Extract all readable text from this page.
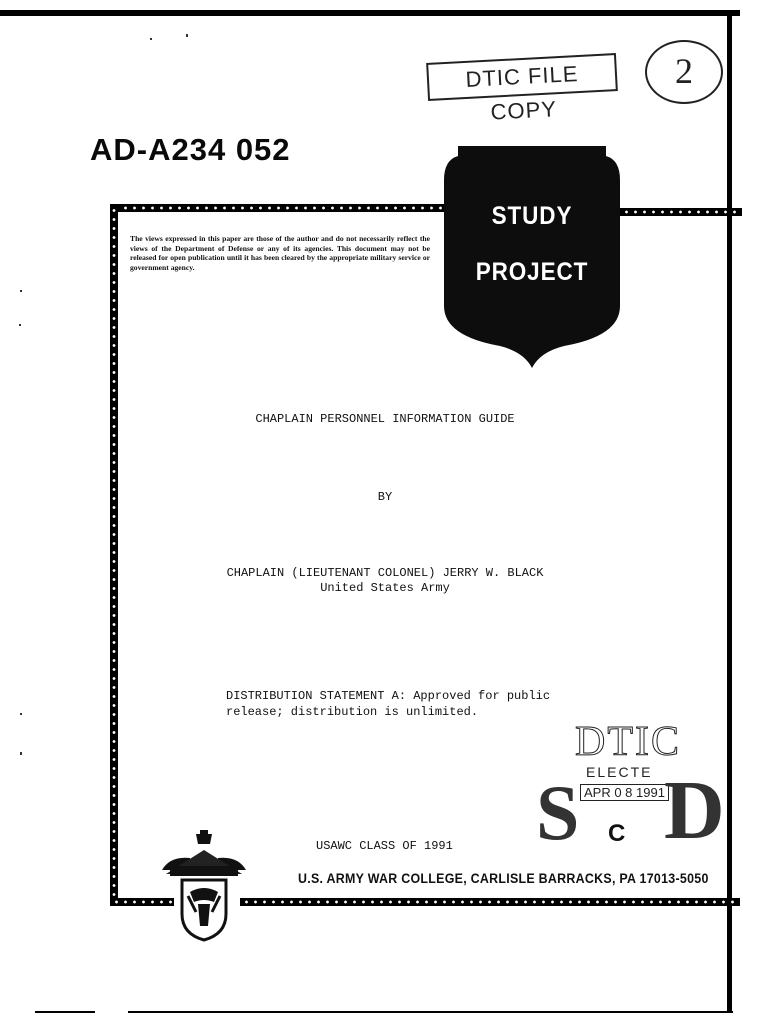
DTIC FILE COPY
2
AD-A234 052
STUDY
PROJECT
The views expressed in this paper are those of the author and do not necessarily reflect the views of the Department of Defense or any of its agencies. This document may not be released for open publication until it has been cleared by the appropriate military service or government agency.
CHAPLAIN PERSONNEL INFORMATION GUIDE
BY
CHAPLAIN (LIEUTENANT COLONEL) JERRY W. BLACK
United States Army
DISTRIBUTION STATEMENT A: Approved for public
release; distribution is unlimited.
DTIC
S ELECTE
APR 0 8 1991 D
C
USAWC CLASS OF 1991
U.S. ARMY WAR COLLEGE, CARLISLE BARRACKS, PA 17013-5050
